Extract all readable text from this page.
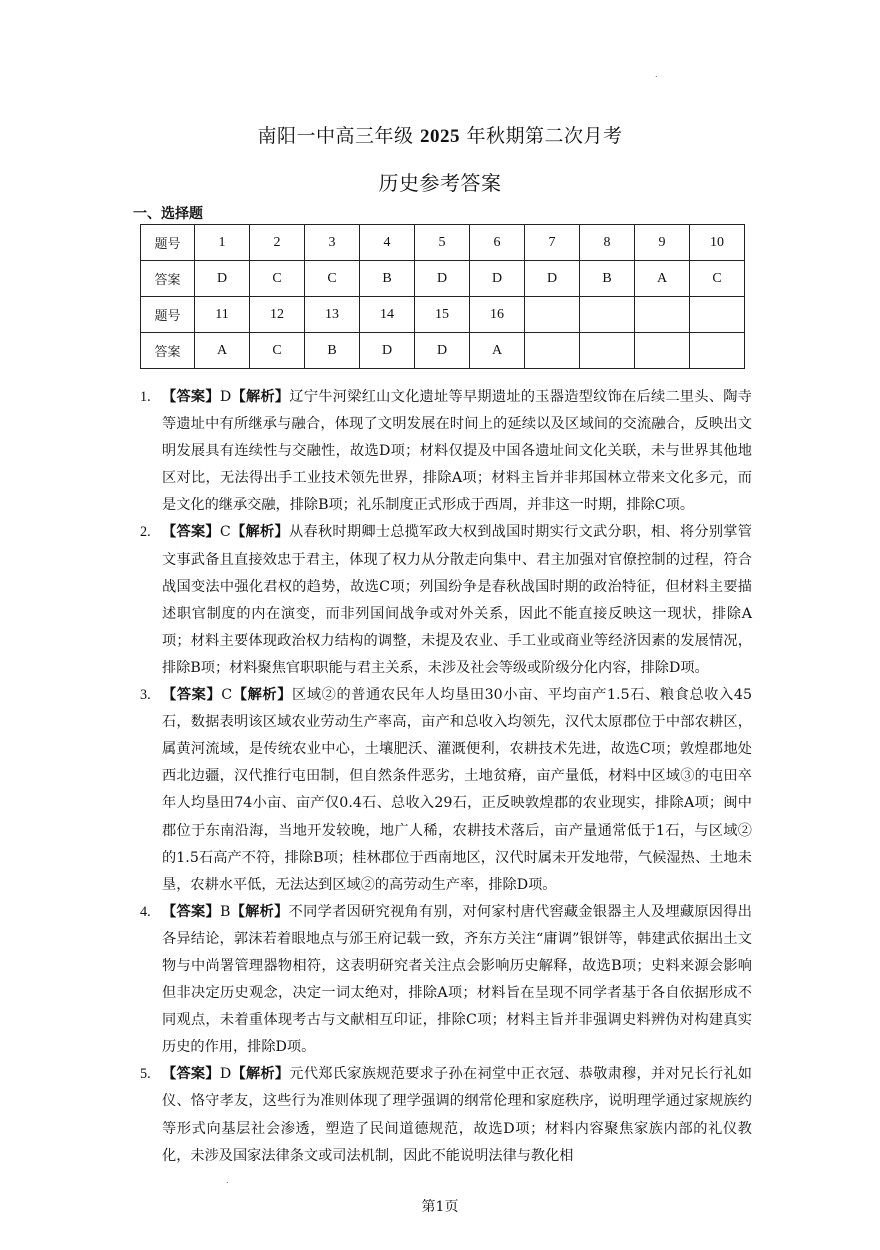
.
南阳一中高三年级 2025 年秋期第二次月考
历史参考答案
一、选择题
题号	1	2	3	4	5	6	7	8	9	10
答案	D	C	C	B	D	D	D	B	A	C
题号	11	12	13	14	15	16				
答案	A	C	B	D	D	A				
1. 【答案】D【解析】辽宁牛河梁红山文化遗址等早期遗址的玉器造型纹饰在后续二里头、陶寺等遗址中有所继承与融合，体现了文明发展在时间上的延续以及区域间的交流融合，反映出文明发展具有连续性与交融性，故选D项；材料仅提及中国各遗址间文化关联，未与世界其他地区对比，无法得出手工业技术领先世界，排除A项；材料主旨并非邦国林立带来文化多元，而是文化的继承交融，排除B项；礼乐制度正式形成于西周，并非这一时期，排除C项。
2. 【答案】C【解析】从春秋时期卿士总揽军政大权到战国时期实行文武分职，相、将分别掌管文事武备且直接效忠于君主，体现了权力从分散走向集中、君主加强对官僚控制的过程，符合战国变法中强化君权的趋势，故选C项；列国纷争是春秋战国时期的政治特征，但材料主要描述职官制度的内在演变，而非列国间战争或对外关系，因此不能直接反映这一现状，排除A项；材料主要体现政治权力结构的调整，未提及农业、手工业或商业等经济因素的发展情况，排除B项；材料聚焦官职职能与君主关系，未涉及社会等级或阶级分化内容，排除D项。
3. 【答案】C【解析】区域②的普通农民年人均垦田30小亩、平均亩产1.5石、粮食总收入45石，数据表明该区域农业劳动生产率高，亩产和总收入均领先，汉代太原郡位于中部农耕区，属黄河流域，是传统农业中心，土壤肥沃、灌溉便利，农耕技术先进，故选C项；敦煌郡地处西北边疆，汉代推行屯田制，但自然条件恶劣，土地贫瘠，亩产量低，材料中区域③的屯田卒年人均垦田74小亩、亩产仅0.4石、总收入29石，正反映敦煌郡的农业现实，排除A项；闽中郡位于东南沿海，当地开发较晚，地广人稀，农耕技术落后，亩产量通常低于1石，与区域②的1.5石高产不符，排除B项；桂林郡位于西南地区，汉代时属未开发地带，气候湿热、土地未垦，农耕水平低，无法达到区域②的高劳动生产率，排除D项。
4. 【答案】B【解析】不同学者因研究视角有别，对何家村唐代窖藏金银器主人及埋藏原因得出各异结论，郭沫若着眼地点与邠王府记载一致，齐东方关注“庸调”银饼等，韩建武依据出土文物与中尚署管理器物相符，这表明研究者关注点会影响历史解释，故选B项；史料来源会影响但非决定历史观念，决定一词太绝对，排除A项；材料旨在呈现不同学者基于各自依据形成不同观点，未着重体现考古与文献相互印证，排除C项；材料主旨并非强调史料辨伪对构建真实历史的作用，排除D项。
5. 【答案】D【解析】元代郑氏家族规范要求子孙在祠堂中正衣冠、恭敬肃穆，并对兄长行礼如仪、恪守孝友，这些行为准则体现了理学强调的纲常伦理和家庭秩序，说明理学通过家规族约等形式向基层社会渗透，塑造了民间道德规范，故选D项；材料内容聚焦家族内部的礼仪教化，未涉及国家法律条文或司法机制，因此不能说明法律与教化相
.
第1页
